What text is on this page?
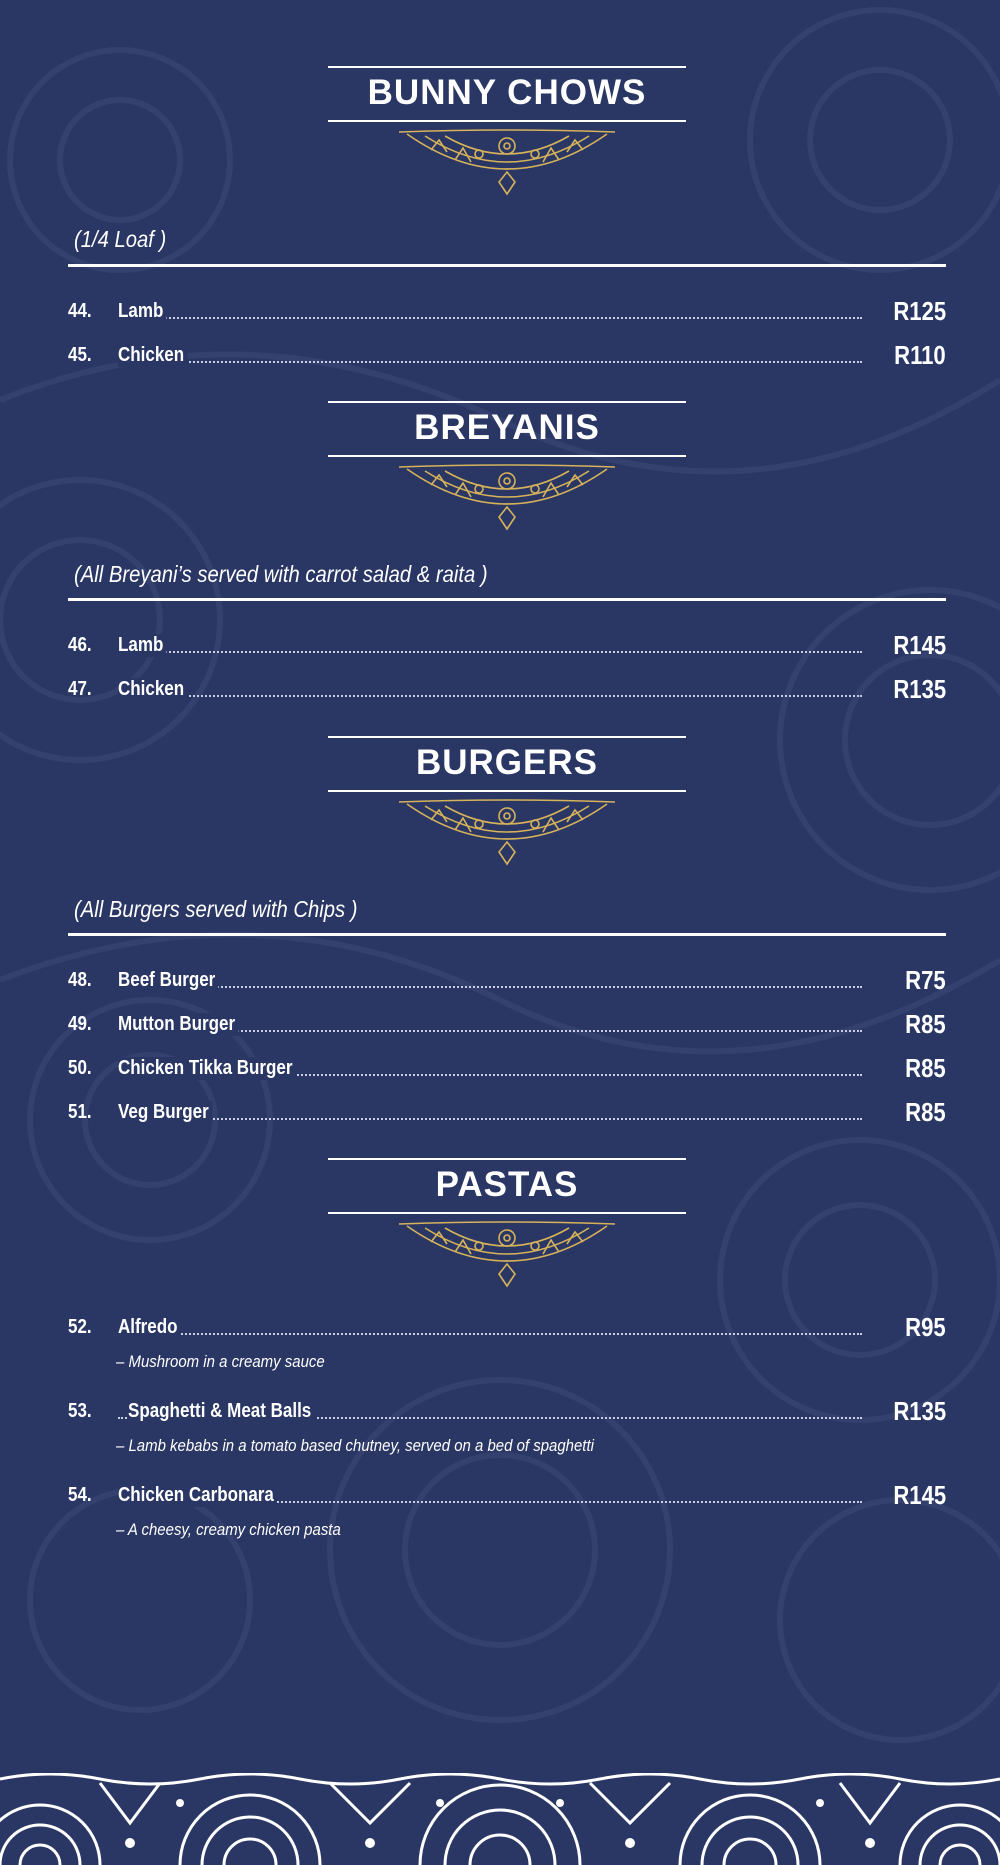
BUNNY CHOWS
(1/4 Loaf )
44. Lamb	R125
45. Chicken	R110
BREYANIS
(All Breyani’s served with carrot salad & raita )
46. Lamb	R145
47. Chicken	R135
BURGERS
(All Burgers served with Chips )
48. Beef Burger	R75
49. Mutton Burger	R85
50. Chicken Tikka Burger	R85
51. Veg Burger	R85
PASTAS
52. Alfredo	R95
– Mushroom in a creamy sauce
53. Spaghetti & Meat Balls	R135
– Lamb kebabs in a tomato based chutney, served on a bed of spaghetti
54. Chicken Carbonara	R145
– A cheesy, creamy chicken pasta
